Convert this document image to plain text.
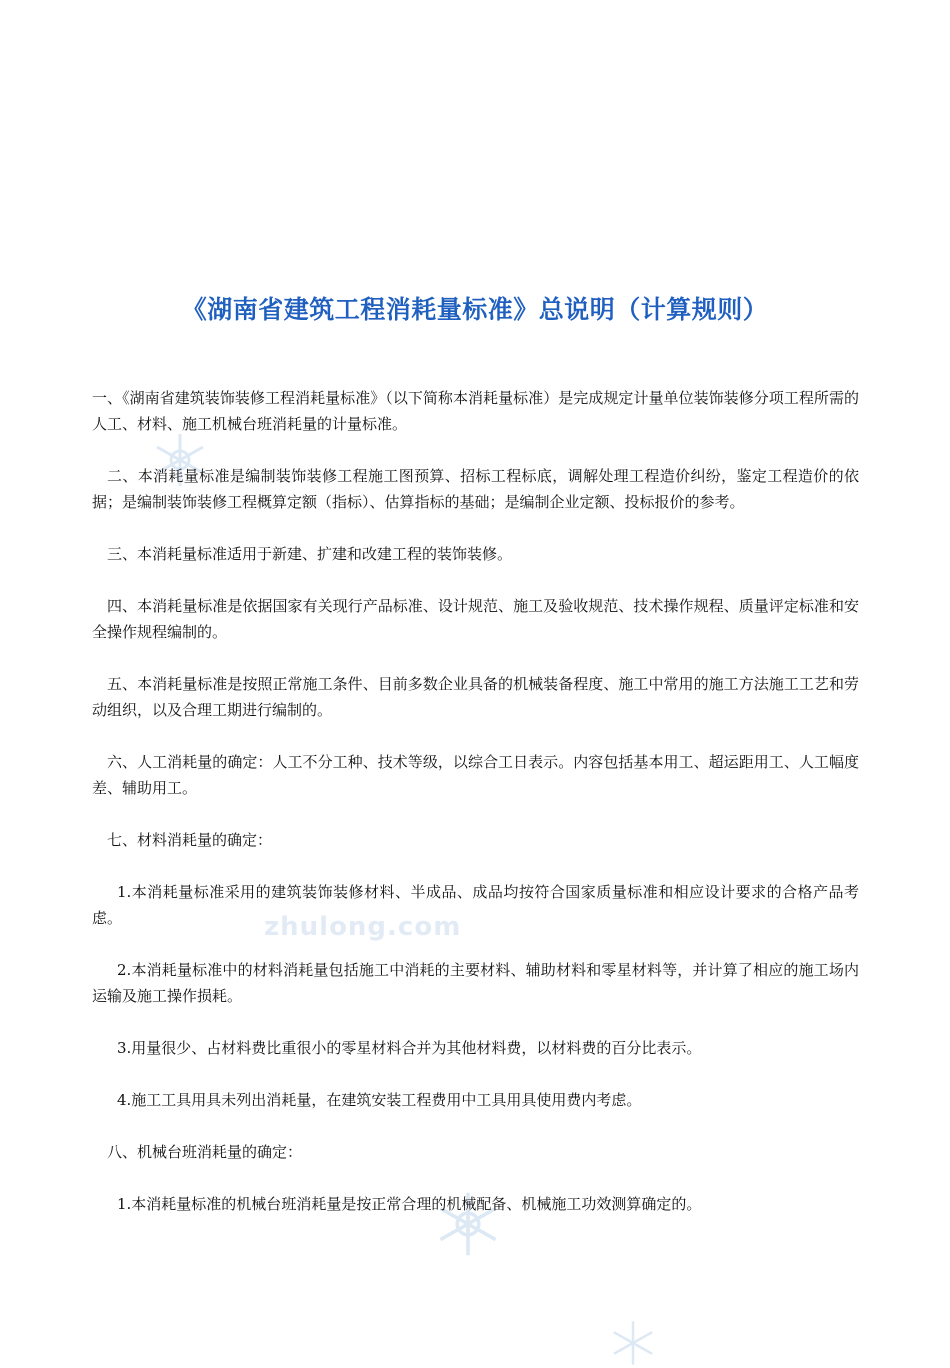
zhulong.com
《湖南省建筑工程消耗量标准》总说明（计算规则）

一、《湖南省建筑装饰装修工程消耗量标准》（以下简称本消耗量标准）是完成规定计量单位装饰装修分项工程所需的人工、材料、施工机械台班消耗量的计量标准。

二、本消耗量标准是编制装饰装修工程施工图预算、招标工程标底，调解处理工程造价纠纷，鉴定工程造价的依据；是编制装饰装修工程概算定额（指标）、估算指标的基础；是编制企业定额、投标报价的参考。

三、本消耗量标准适用于新建、扩建和改建工程的装饰装修。

四、本消耗量标准是依据国家有关现行产品标准、设计规范、施工及验收规范、技术操作规程、质量评定标准和安全操作规程编制的。

五、本消耗量标准是按照正常施工条件、目前多数企业具备的机械装备程度、施工中常用的施工方法施工工艺和劳动组织，以及合理工期进行编制的。

六、人工消耗量的确定：人工不分工种、技术等级，以综合工日表示。内容包括基本用工、超运距用工、人工幅度差、辅助用工。

七、材料消耗量的确定：

1.本消耗量标准采用的建筑装饰装修材料、半成品、成品均按符合国家质量标准和相应设计要求的合格产品考虑。

2.本消耗量标准中的材料消耗量包括施工中消耗的主要材料、辅助材料和零星材料等，并计算了相应的施工场内运输及施工操作损耗。

3.用量很少、占材料费比重很小的零星材料合并为其他材料费，以材料费的百分比表示。

4.施工工具用具未列出消耗量，在建筑安装工程费用中工具用具使用费内考虑。

八、机械台班消耗量的确定：

1.本消耗量标准的机械台班消耗量是按正常合理的机械配备、机械施工功效测算确定的。
